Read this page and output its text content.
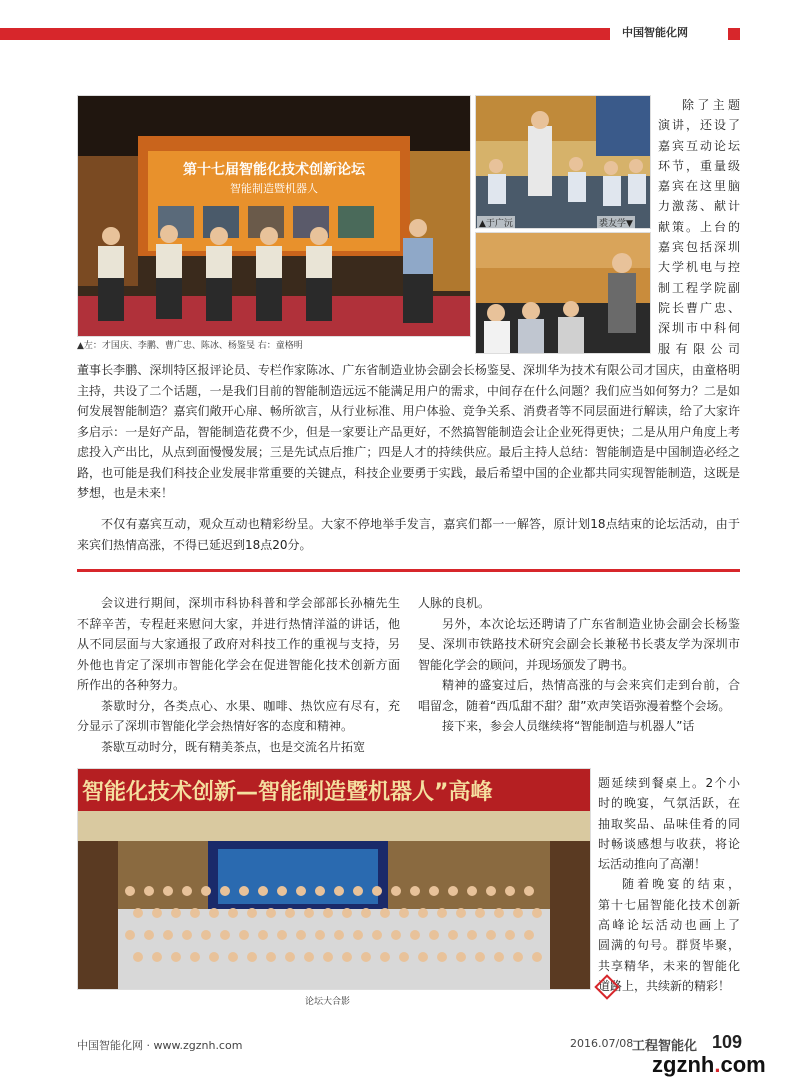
中国智能化网
第十七届智能化技术创新论坛
智能制造暨机器人
▲左：才国庆、李鹏、曹广忠、陈冰、杨鉴旻 右：童格明
▲于广沅	裘友学▼
除了主题
演讲，还设了
嘉宾互动论坛
环节，重量级
嘉宾在这里脑
力激荡、献计
献策。上台的
嘉宾包括深圳
大学机电与控
制工程学院副
院长曹广忠、
深圳市中科伺
服有限公司

董事长李鹏、深圳特区报评论员、专栏作家陈冰、广东省制造业协会副会长杨鉴旻、深圳华为技术有限公司才国庆，由童格明主持，共设了二个话题，一是我们目前的智能制造远远不能满足用户的需求，中间存在什么问题？我们应当如何努力？二是如何发展智能制造？嘉宾们敞开心扉、畅所欲言，从行业标准、用户体验、竞争关系、消费者等不同层面进行解读，给了大家许多启示：一是好产品，智能制造花费不少，但是一家要让产品更好，不然搞智能制造会让企业死得更快；二是从用户角度上考虑投入产出比，从点到面慢慢发展；三是先试点后推广；四是人才的持续供应。最后主持人总结：智能制造是中国制造必经之路，也可能是我们科技企业发展非常重要的关键点，科技企业要勇于实践，最后希望中国的企业都共同实现智能制造，这既是梦想，也是未来！

不仅有嘉宾互动，观众互动也精彩纷呈。大家不停地举手发言，嘉宾们都一一解答，原计划18点结束的论坛活动，由于来宾们热情高涨，不得已延迟到18点20分。

会议进行期间，深圳市科协科普和学会部部长孙楠先生不辞辛苦，专程赶来慰问大家，并进行热情洋溢的讲话，他从不同层面与大家通报了政府对科技工作的重视与支持，另外他也肯定了深圳市智能化学会在促进智能化技术创新方面所作出的各种努力。

茶歇时分，各类点心、水果、咖啡、热饮应有尽有，充分显示了深圳市智能化学会热情好客的态度和精神。

茶歇互动时分，既有精美茶点，也是交流名片拓宽

人脉的良机。

另外，本次论坛还聘请了广东省制造业协会副会长杨鉴旻、深圳市铁路技术研究会副会长兼秘书长裘友学为深圳市智能化学会的顾问，并现场颁发了聘书。

精神的盛宴过后，热情高涨的与会来宾们走到台前，合唱留念，随着“西瓜甜不甜？甜”欢声笑语弥漫着整个会场。

接下来，参会人员继续将“智能制造与机器人”话

题延续到餐桌上。2个小
时的晚宴，气氛活跃，在
抽取奖品、品味佳肴的同
时畅谈感想与收获，将论
坛活动推向了高潮！
随着晚宴的结束，
第十七届智能化技术创新
高峰论坛活动也画上了
圆满的句号。群贤毕聚，
共享精华，未来的智能化
道路上，共续新的精彩！
智能化技术创新—智能制造暨机器人”高峰
论坛大合影
中国智能化网 · www.zgznh.com	2016.07/08
工程智能化 109
zgznh.com
